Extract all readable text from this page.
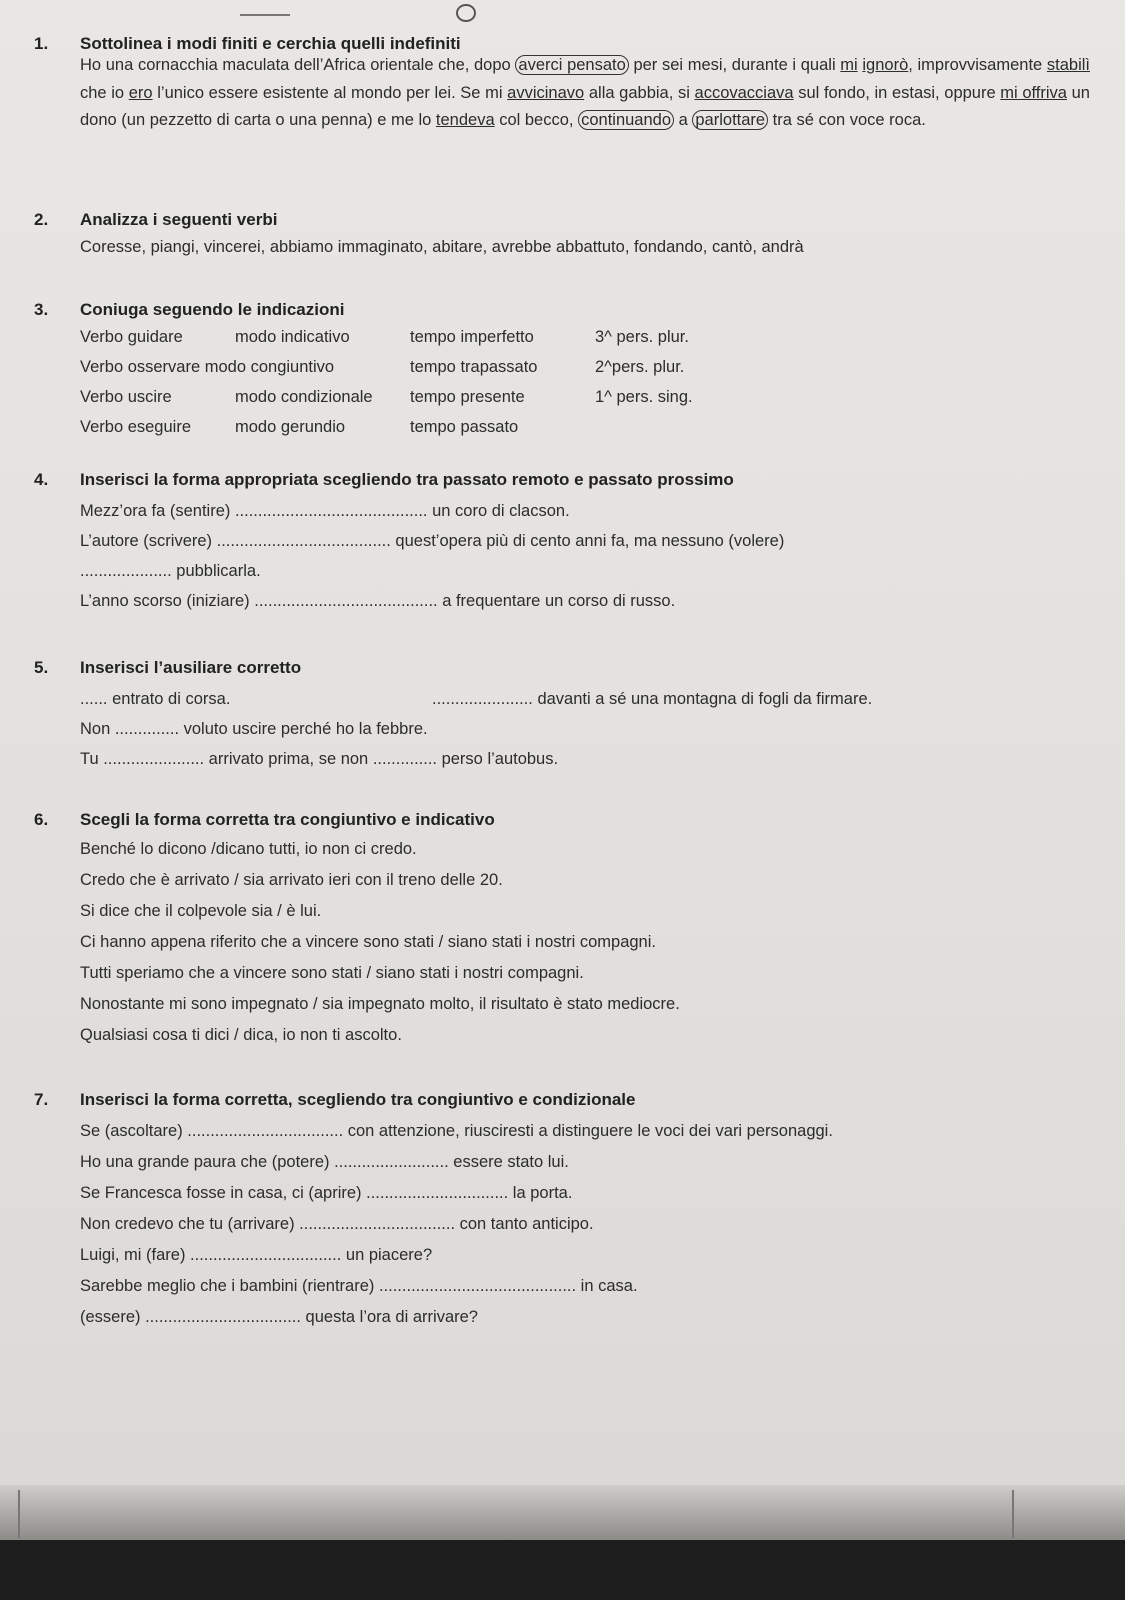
1. Sottolinea i modi finiti e cerchia quelli indefiniti
Ho una cornacchia maculata dell’Africa orientale che, dopo averci pensato per sei mesi, durante i quali mi ignorò, improvvisamente stabilì che io ero l’unico essere esistente al mondo per lei. Se mi avvicinavo alla gabbia, si accovacciava sul fondo, in estasi, oppure mi offriva un dono (un pezzetto di carta o una penna) e me lo tendeva col becco, continuando a parlottare tra sé con voce roca.
2. Analizza i seguenti verbi
Coresse, piangi, vincerei, abbiamo immaginato, abitare, avrebbe abbattuto, fondando, cantò, andrà
3. Coniuga seguendo le indicazioni
Verbo guidare	modo indicativo	tempo imperfetto	3^ pers. plur.
Verbo osservare modo congiuntivo	tempo trapassato	2^pers. plur.
Verbo uscire	modo condizionale tempo presente	1^ pers. sing.
Verbo eseguire	modo gerundio	tempo passato
4. Inserisci la forma appropriata scegliendo tra passato remoto e passato prossimo
Mezz’ora fa (sentire) .......................................... un coro di clacson.
L’autore (scrivere) ...................................... quest’opera più di cento anni fa, ma nessuno (volere)
.................... pubblicarla.
L’anno scorso (iniziare) ........................................ a frequentare un corso di russo.
5. Inserisci l’ausiliare corretto
...... entrato di corsa.	...................... davanti a sé una montagna di fogli da firmare.
Non .............. voluto uscire perché ho la febbre.
Tu ...................... arrivato prima, se non .............. perso l’autobus.
6. Scegli la forma corretta tra congiuntivo e indicativo
Benché lo dicono /dicano tutti, io non ci credo.
Credo che è arrivato / sia arrivato ieri con il treno delle 20.
Si dice che il colpevole sia / è lui.
Ci hanno appena riferito che a vincere sono stati / siano stati i nostri compagni.
Tutti speriamo che a vincere sono stati / siano stati i nostri compagni.
Nonostante mi sono impegnato / sia impegnato molto, il risultato è stato mediocre.
Qualsiasi cosa ti dici / dica, io non ti ascolto.
7. Inserisci la forma corretta, scegliendo tra congiuntivo e condizionale
Se (ascoltare) .................................. con attenzione, riusciresti a distinguere le voci dei vari personaggi.
Ho una grande paura che (potere) ......................... essere stato lui.
Se Francesca fosse in casa, ci (aprire) ............................... la porta.
Non credevo che tu (arrivare) .................................. con tanto anticipo.
Luigi, mi (fare) ................................. un piacere?
Sarebbe meglio che i bambini (rientrare) ........................................... in casa.
(essere) .................................. questa l’ora di arrivare?
